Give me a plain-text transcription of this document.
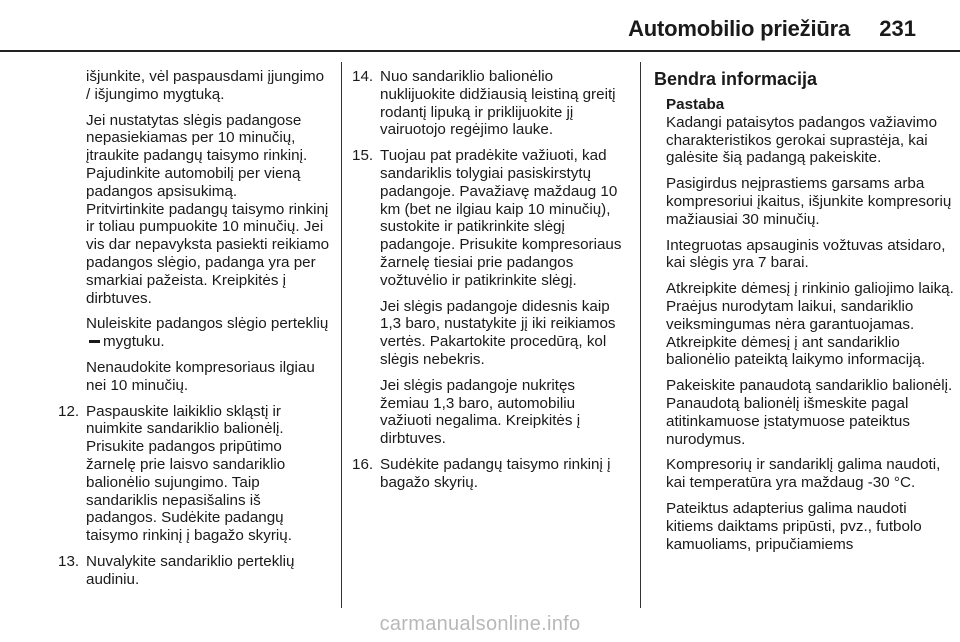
Automobilio priežiūra 231

išjunkite, vėl paspausdami įjungimo / išjungimo mygtuką.

Jei nustatytas slėgis padangose nepasiekiamas per 10 minučių, įtraukite padangų taisymo rinkinį. Pajudinkite automobilį per vieną padangos apsisukimą.

Pritvirtinkite padangų taisymo rinkinį ir toliau pumpuokite 10 minučių. Jei vis dar nepavyksta pasiekti reikiamo padangos slėgio, padanga yra per smarkiai pažeista. Kreipkitės į dirbtuves.

Nuleiskite padangos slėgio pertekliųmygtuku.

Nenaudokite kompresoriaus ilgiau nei 10 minučių.

12. Paspauskite laikiklio skląstį ir nuimkite sandariklio balionėlį. Prisukite padangos pripūtimo žarnelę prie laisvo sandariklio balionėlio sujungimo. Taip sandariklis nepasišalins iš padangos. Sudėkite padangų taisymo rinkinį į bagažo skyrių.
13. Nuvalykite sandariklio perteklių audiniu.
14. Nuo sandariklio balionėlio nuklijuokite didžiausią leistiną greitį rodantį lipuką ir priklijuokite jį vairuotojo regėjimo lauke.
15. Tuojau pat pradėkite važiuoti, kad sandariklis tolygiai pasiskirstytų padangoje. Pavažiavę maždaug 10 km (bet ne ilgiau kaip 10 minučių), sustokite ir patikrinkite slėgį padangoje. Prisukite kompresoriaus žarnelę tiesiai prie padangos vožtuvėlio ir patikrinkite slėgį.

Jei slėgis padangoje didesnis kaip 1,3 baro, nustatykite jį iki reikiamos vertės. Pakartokite procedūrą, kol slėgis nebekris.

Jei slėgis padangoje nukritęs žemiau 1,3 baro, automobiliu važiuoti negalima. Kreipkitės į dirbtuves.

16. Sudėkite padangų taisymo rinkinį į bagažo skyrių.
Bendra informacija
Pastaba

Kadangi pataisytos padangos važiavimo charakteristikos gerokai suprastėja, kai galėsite šią padangą pakeiskite.

Pasigirdus neįprastiems garsams arba kompresoriui įkaitus, išjunkite kompresorių mažiausiai 30 minučių.

Integruotas apsauginis vožtuvas atsidaro, kai slėgis yra 7 barai.

Atkreipkite dėmesį į rinkinio galiojimo laiką. Praėjus nurodytam laikui, sandariklio veiksmingumas nėra garantuojamas. Atkreipkite dėmesį į ant sandariklio balionėlio pateiktą laikymo informaciją.

Pakeiskite panaudotą sandariklio balionėlį. Panaudotą balionėlį išmeskite pagal atitinkamuose įstatymuose pateiktus nurodymus.

Kompresorių ir sandariklį galima naudoti, kai temperatūra yra maždaug -30 °C.

Pateiktus adapterius galima naudoti kitiems daiktams pripūsti, pvz., futbolo kamuoliams, pripučiamiems

carmanualsonline.info
